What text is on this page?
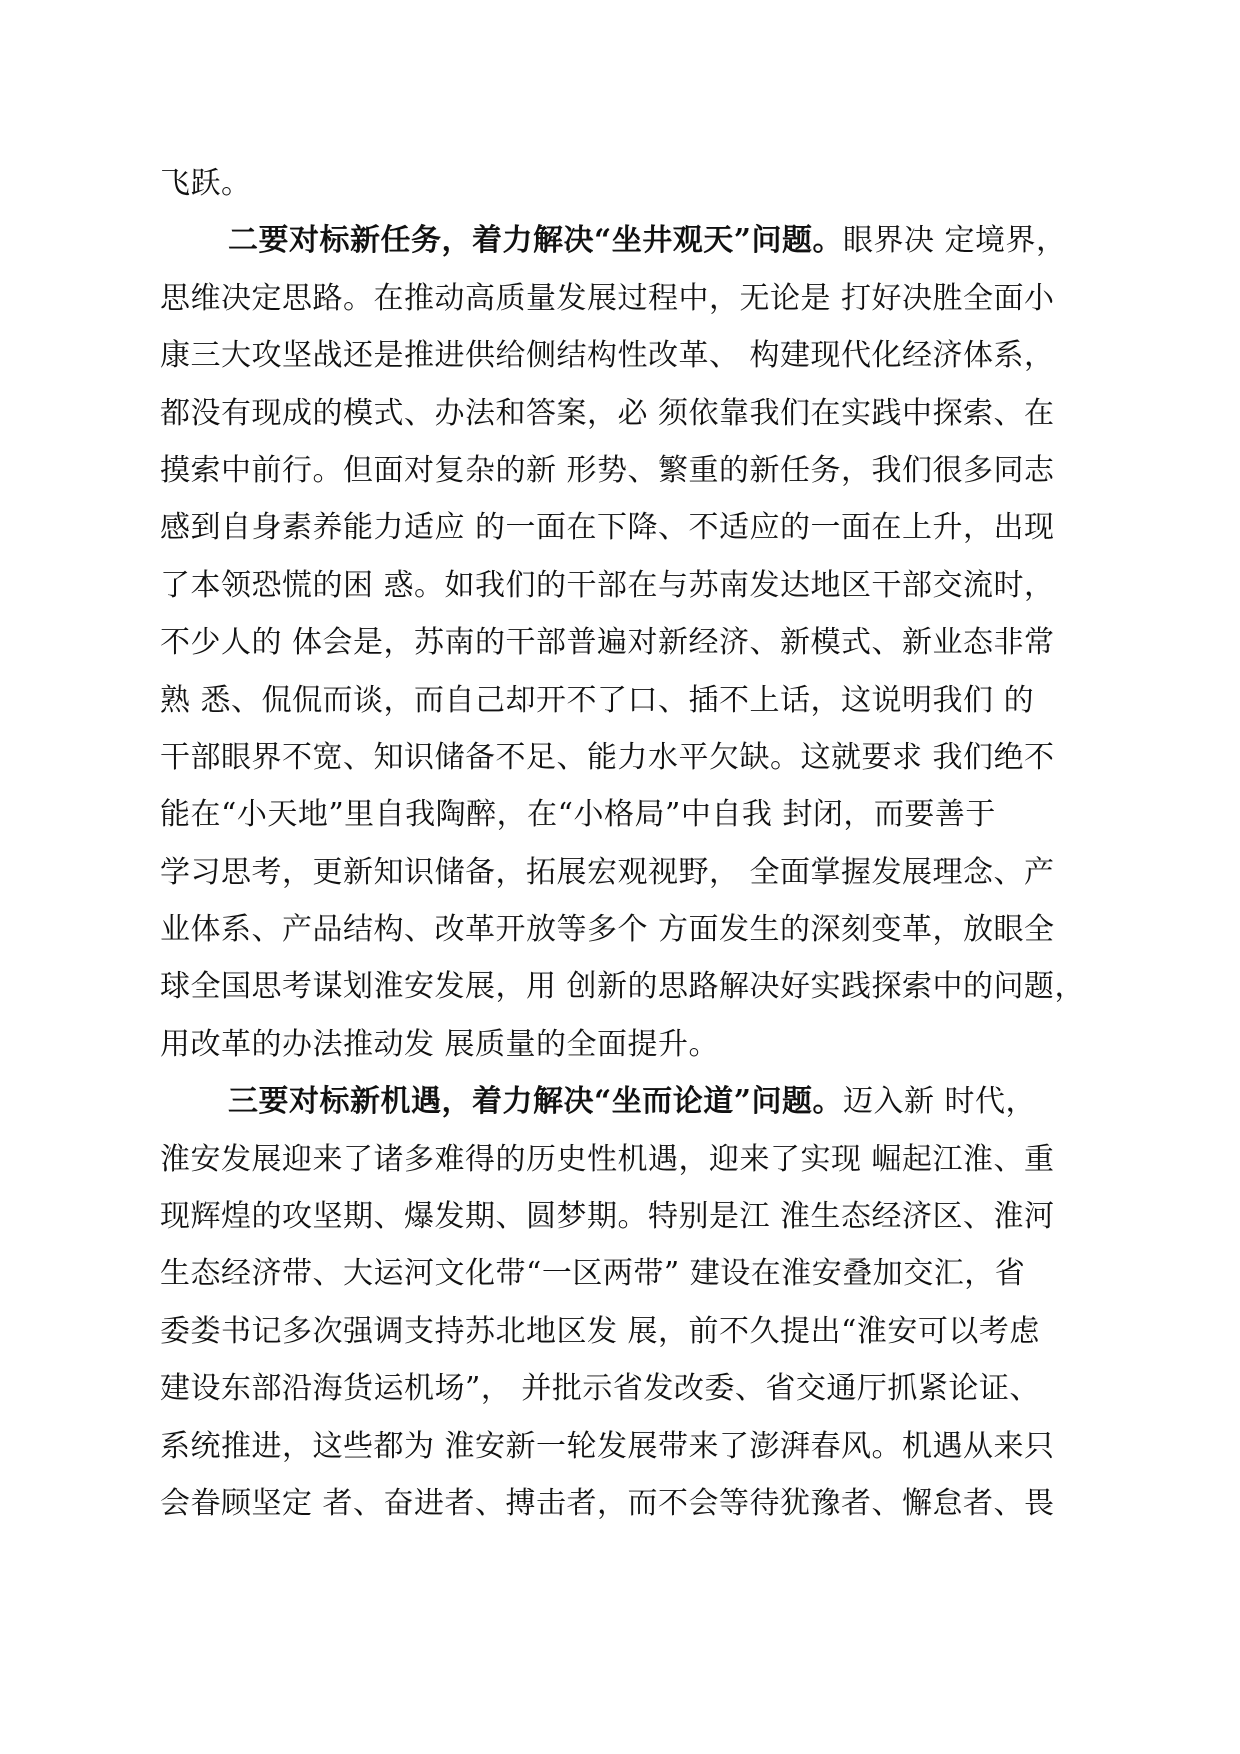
飞跃。
二要对标新任务，着力解决“坐井观天”问题。眼界决 定境界，
思维决定思路。在推动高质量发展过程中，无论是 打好决胜全面小
康三大攻坚战还是推进供给侧结构性改革、 构建现代化经济体系，
都没有现成的模式、办法和答案，必 须依靠我们在实践中探索、在
摸索中前行。但面对复杂的新 形势、繁重的新任务，我们很多同志
感到自身素养能力适应 的一面在下降、不适应的一面在上升，出现
了本领恐慌的困 惑。如我们的干部在与苏南发达地区干部交流时，
不少人的 体会是，苏南的干部普遍对新经济、新模式、新业态非常
熟 悉、侃侃而谈，而自己却开不了口、插不上话，这说明我们 的
干部眼界不宽、知识储备不足、能力水平欠缺。这就要求 我们绝不
能在“小天地”里自我陶醉，在“小格局”中自我 封闭，而要善于
学习思考，更新知识储备，拓展宏观视野， 全面掌握发展理念、产
业体系、产品结构、改革开放等多个 方面发生的深刻变革，放眼全
球全国思考谋划淮安发展，用 创新的思路解决好实践探索中的问题，
用改革的办法推动发 展质量的全面提升。
三要对标新机遇，着力解决“坐而论道”问题。迈入新 时代，
淮安发展迎来了诸多难得的历史性机遇，迎来了实现 崛起江淮、重
现辉煌的攻坚期、爆发期、圆梦期。特别是江 淮生态经济区、淮河
生态经济带、大运河文化带“一区两带” 建设在淮安叠加交汇，省
委娄书记多次强调支持苏北地区发 展，前不久提出“淮安可以考虑
建设东部沿海货运机场”， 并批示省发改委、省交通厅抓紧论证、
系统推进，这些都为 淮安新一轮发展带来了澎湃春风。机遇从来只
会眷顾坚定 者、奋进者、搏击者，而不会等待犹豫者、懈怠者、畏
